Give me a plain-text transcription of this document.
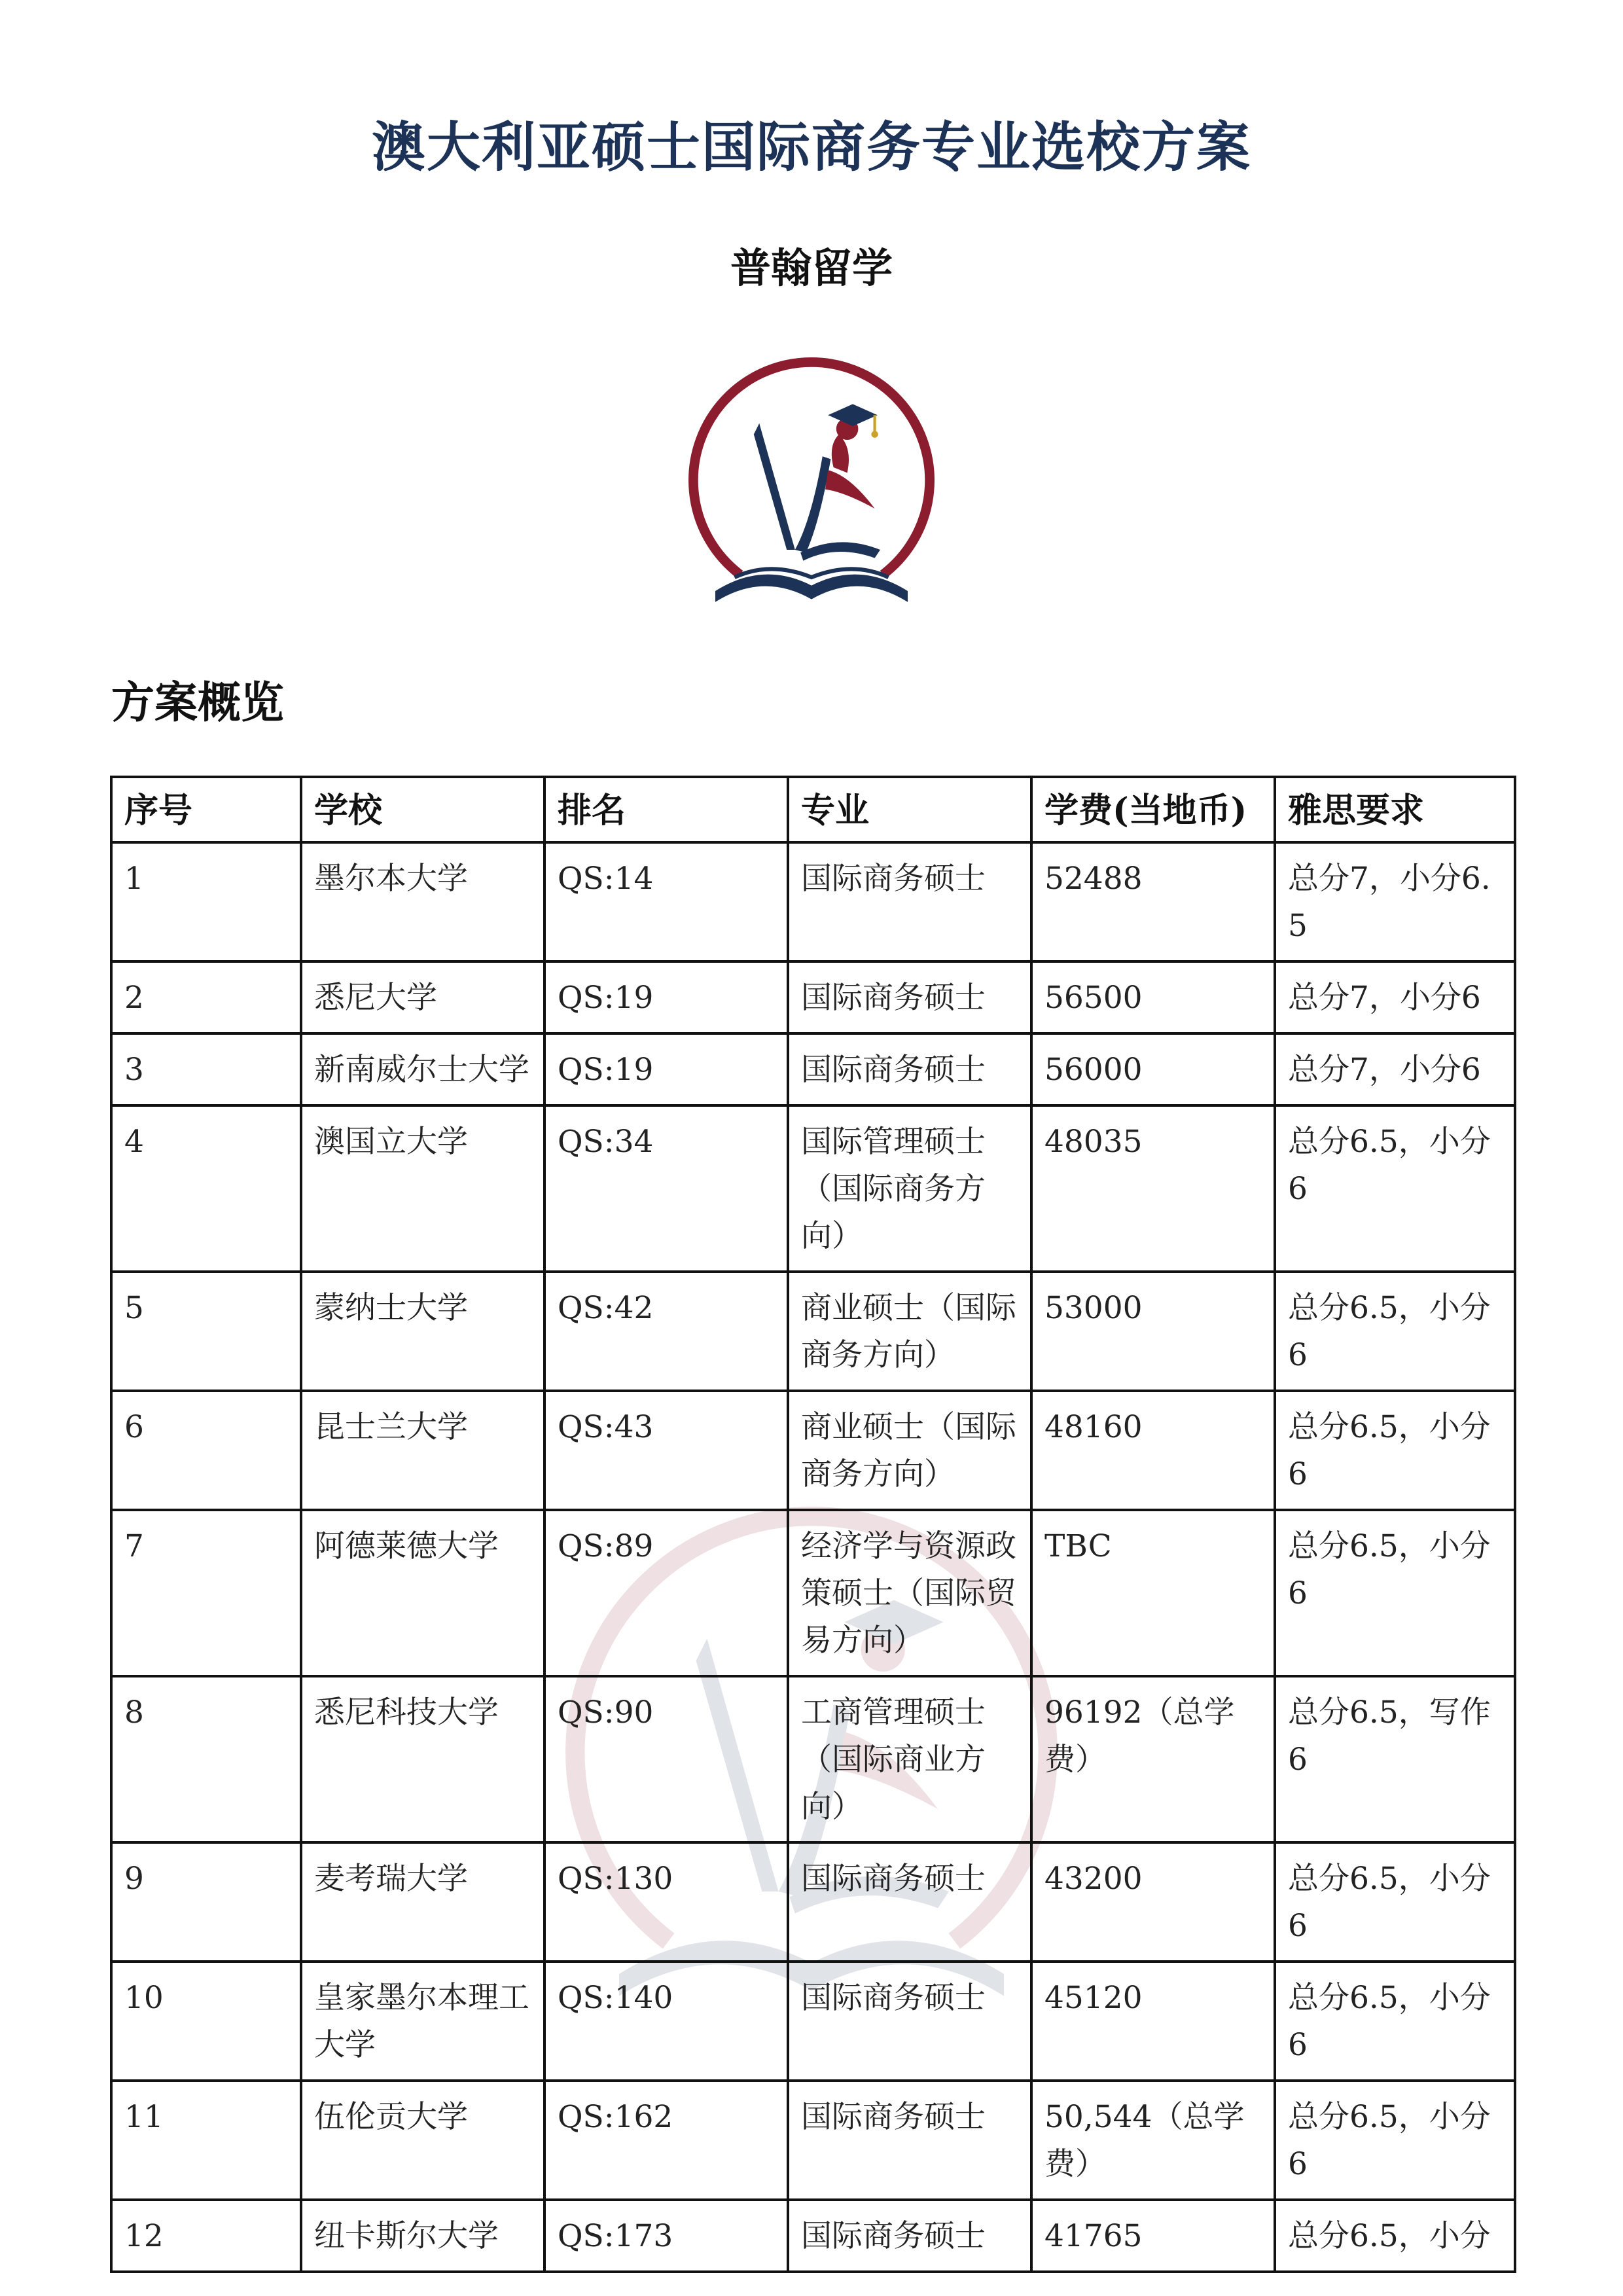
澳大利亚硕士国际商务专业选校方案
普翰留学
方案概览
序号	学校	排名	专业	学费(当地币)	雅思要求
1	墨尔本大学	QS:14	国际商务硕士	52488	总分7，小分6.5
2	悉尼大学	QS:19	国际商务硕士	56500	总分7，小分6
3	新南威尔士大学	QS:19	国际商务硕士	56000	总分7，小分6
4	澳国立大学	QS:34	国际管理硕士（国际商务方向）	48035	总分6.5，小分6
5	蒙纳士大学	QS:42	商业硕士（国际商务方向）	53000	总分6.5，小分6
6	昆士兰大学	QS:43	商业硕士（国际商务方向）	48160	总分6.5，小分6
7	阿德莱德大学	QS:89	经济学与资源政策硕士（国际贸易方向）	TBC	总分6.5，小分6
8	悉尼科技大学	QS:90	工商管理硕士（国际商业方向）	96192（总学费）	总分6.5，写作6
9	麦考瑞大学	QS:130	国际商务硕士	43200	总分6.5，小分6
10	皇家墨尔本理工大学	QS:140	国际商务硕士	45120	总分6.5，小分6
11	伍伦贡大学	QS:162	国际商务硕士	50,544（总学费）	总分6.5，小分6
12	纽卡斯尔大学	QS:173	国际商务硕士	41765	总分6.5，小分
